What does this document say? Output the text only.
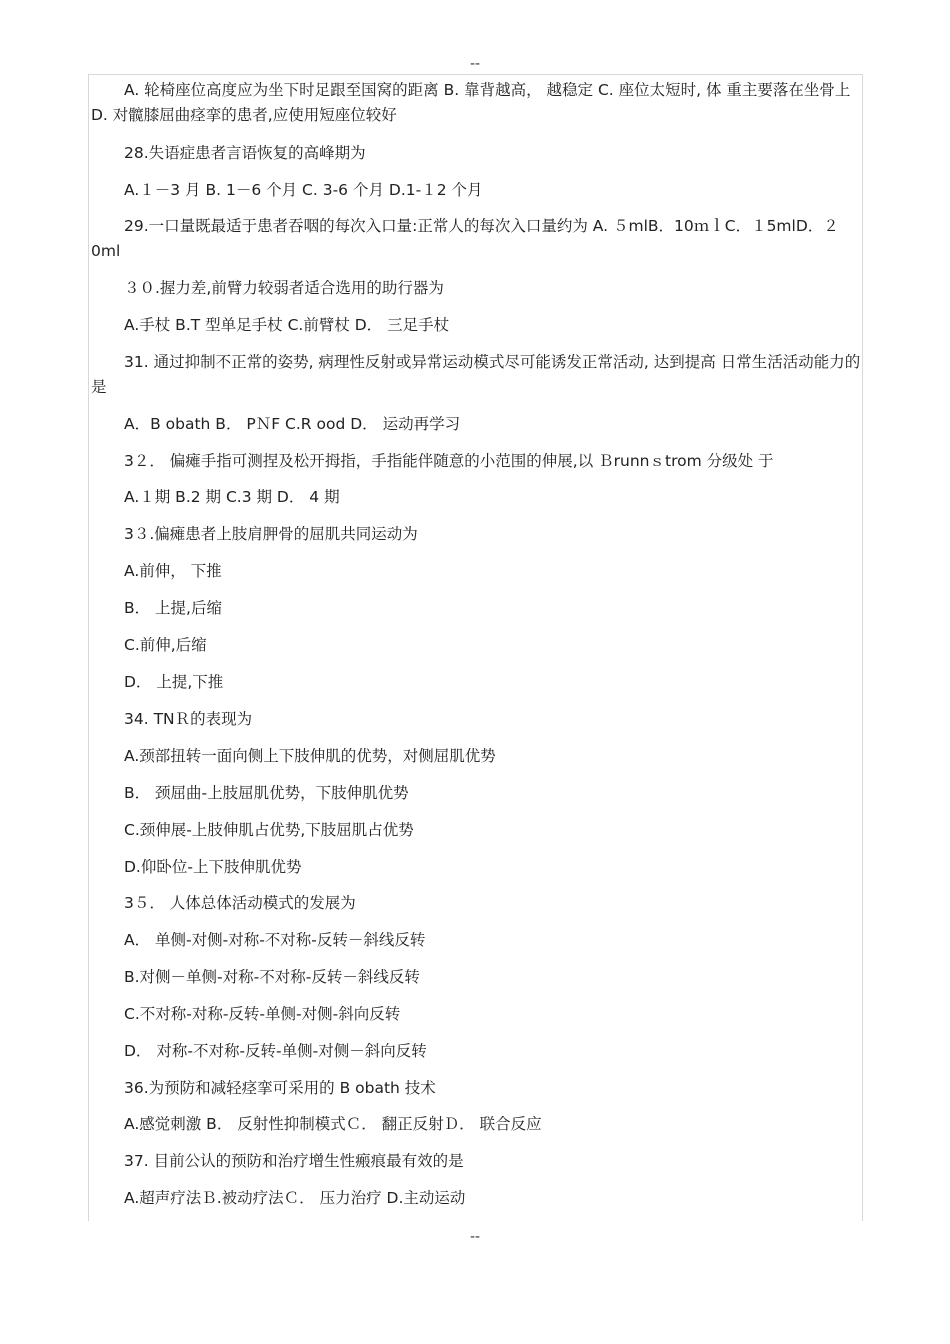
--
A. 轮椅座位高度应为坐下时足跟至国窝的距离 B. 靠背越高， 越稳定 C. 座位太短时, 体 重主要落在坐骨上 D. 对髋膝屈曲痉挛的患者,应使用短座位较好
28.失语症患者言语恢复的高峰期为
A.１－3 月 B. 1－6 个月 C. 3-6 个月 D.1-１2 个月
29.一口量既最适于患者吞咽的每次入口量:正常人的每次入口量约为 A. ５mlB．10ｍｌC．１5mlD．２0ml
３０.握力差,前臂力较弱者适合选用的助行器为
A.手杖 B.T 型单足手杖 C.前臂杖 D． 三足手杖
31. 通过抑制不正常的姿势, 病理性反射或异常运动模式尽可能诱发正常活动, 达到提高 日常生活活动能力的是
A．B obath B． PＮF C.R ood D． 运动再学习
3２． 偏瘫手指可测捏及松开拇指，手指能伴随意的小范围的伸展,以 Ｂrunnｓtrom 分级处 于
A.１期 B.2 期 C.3 期 D． 4 期
3３.偏瘫患者上肢肩胛骨的屈肌共同运动为
A.前伸， 下推
B． 上提,后缩
C.前伸,后缩
D． 上提,下推
34. TNＲ的表现为
A.颈部扭转一面向侧上下肢伸肌的优势，对侧屈肌优势
B． 颈屈曲-上肢屈肌优势，下肢伸肌优势
C.颈伸展-上肢伸肌占优势,下肢屈肌占优势
D.仰卧位-上下肢伸肌优势
3５． 人体总体活动模式的发展为
A． 单侧-对侧-对称-不对称-反转－斜线反转
B.对侧－单侧-对称-不对称-反转－斜线反转
C.不对称-对称-反转-单侧-对侧-斜向反转
D． 对称-不对称-反转-单侧-对侧－斜向反转
36.为预防和减轻痉挛可采用的 B obath 技术
A.感觉刺激 B． 反射性抑制模式Ｃ． 翻正反射Ｄ． 联合反应
37. 目前公认的预防和治疗增生性瘢痕最有效的是
A.超声疗法Ｂ.被动疗法Ｃ． 压力治疗 D.主动运动
--
